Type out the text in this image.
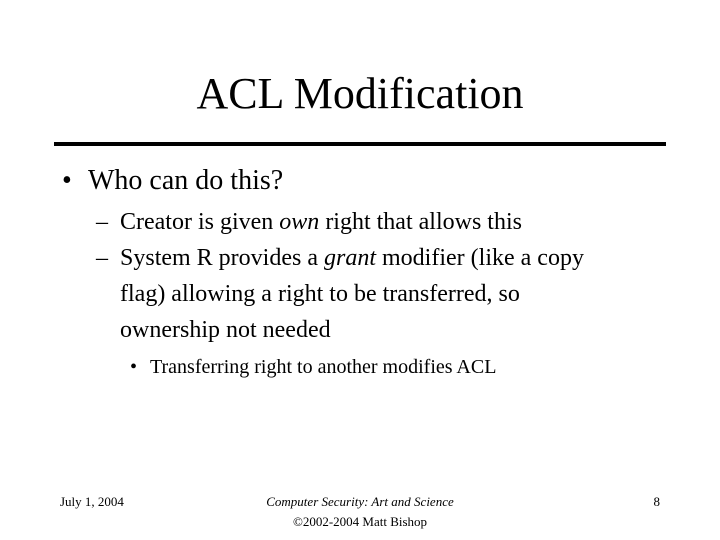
ACL Modification
• Who can do this?
– Creator is given own right that allows this
– System R provides a grant modifier (like a copy
flag) allowing a right to be transferred, so
ownership not needed
• Transferring right to another modifies ACL
July 1, 2004	Computer Security: Art and Science
©2002-2004 Matt Bishop
8
